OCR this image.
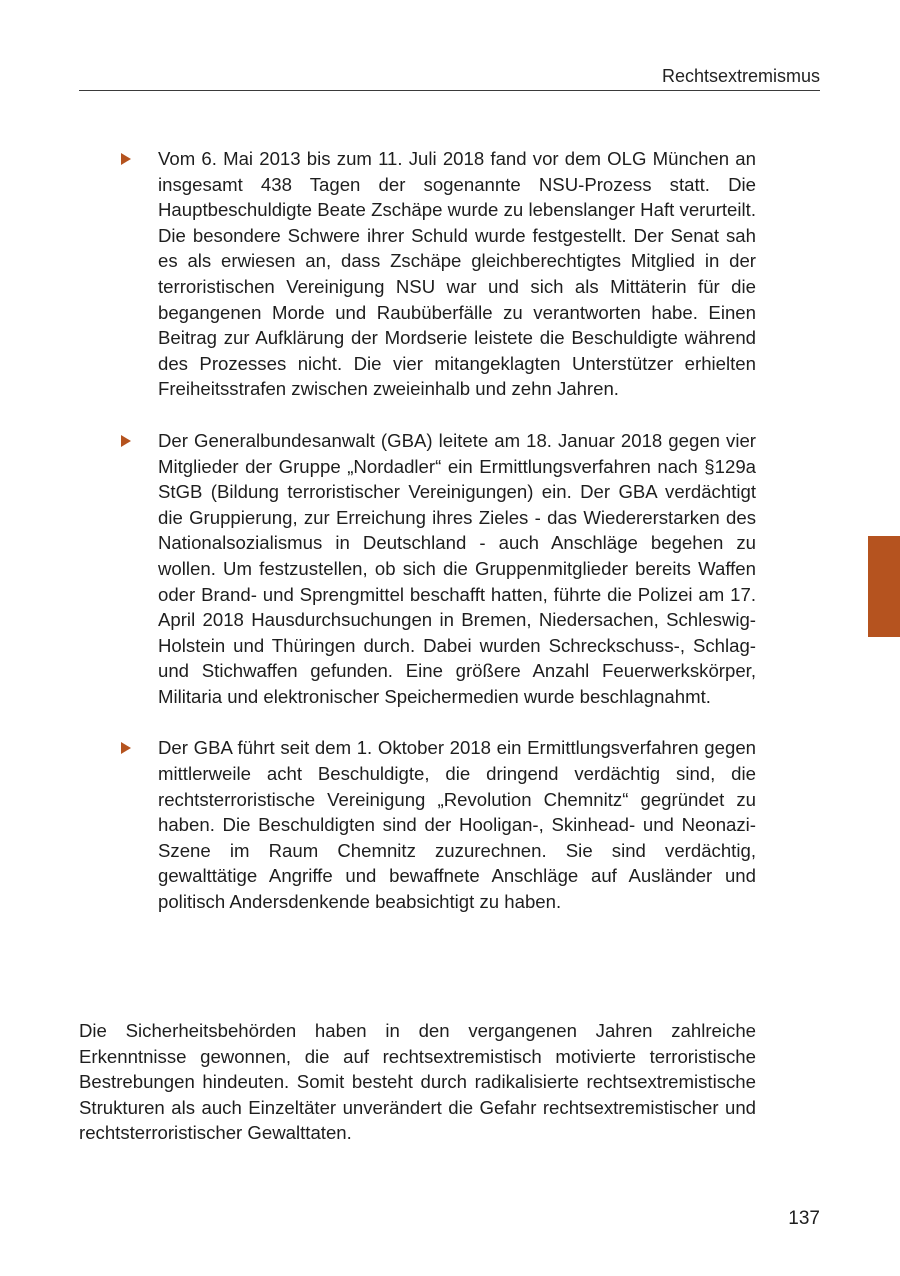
Rechtsextremismus

Vom 6. Mai 2013 bis zum 11. Juli 2018 fand vor dem OLG München an insgesamt 438 Tagen der sogenannte NSU-Prozess statt. Die Hauptbeschuldigte Beate Zschäpe wurde zu lebenslanger Haft verurteilt. Die besondere Schwere ihrer Schuld wurde festgestellt. Der Senat sah es als erwiesen an, dass Zschäpe gleichberechtigtes Mitglied in der terroristischen Vereinigung NSU war und sich als Mittäterin für die begangenen Morde und Raubüberfälle zu verantworten habe. Einen Beitrag zur Aufklärung der Mordserie leistete die Beschuldigte während des Prozesses nicht. Die vier mitangeklagten Unterstützer erhielten Freiheitsstrafen zwischen zweieinhalb und zehn Jahren.

Der Generalbundesanwalt (GBA) leitete am 18. Januar 2018 gegen vier Mitglieder der Gruppe „Nordadler“ ein Ermittlungsverfahren nach §129a StGB (Bildung terroristischer Vereinigungen) ein. Der GBA verdächtigt die Gruppierung, zur Erreichung ihres Zieles - das Wiedererstarken des Nationalsozialismus in Deutschland - auch Anschläge begehen zu wollen. Um festzustellen, ob sich die Gruppenmitglieder bereits Waffen oder Brand- und Sprengmittel beschafft hatten, führte die Polizei am 17. April 2018 Hausdurchsuchungen in Bremen, Niedersachen, Schleswig-Holstein und Thüringen durch. Dabei wurden Schreckschuss-, Schlag- und Stichwaffen gefunden. Eine größere Anzahl Feuerwerkskörper, Militaria und elektronischer Speichermedien wurde beschlagnahmt.

Der GBA führt seit dem 1. Oktober 2018 ein Ermittlungsverfahren gegen mittlerweile acht Beschuldigte, die dringend verdächtig sind, die rechtsterroristische Vereinigung „Revolution Chemnitz“ gegründet zu haben. Die Beschuldigten sind der Hooligan-, Skinhead- und Neonazi-Szene im Raum Chemnitz zuzurechnen. Sie sind verdächtig, gewalttätige Angriffe und bewaffnete Anschläge auf Ausländer und politisch Andersdenkende beabsichtigt zu haben.

Die Sicherheitsbehörden haben in den vergangenen Jahren zahlreiche Erkenntnisse gewonnen, die auf rechtsextremistisch motivierte terroristische Bestrebungen hindeuten. Somit besteht durch radikalisierte rechtsextremistische Strukturen als auch Einzeltäter unverändert die Gefahr rechtsextremistischer und rechtsterroristischer Gewalttaten.

137
